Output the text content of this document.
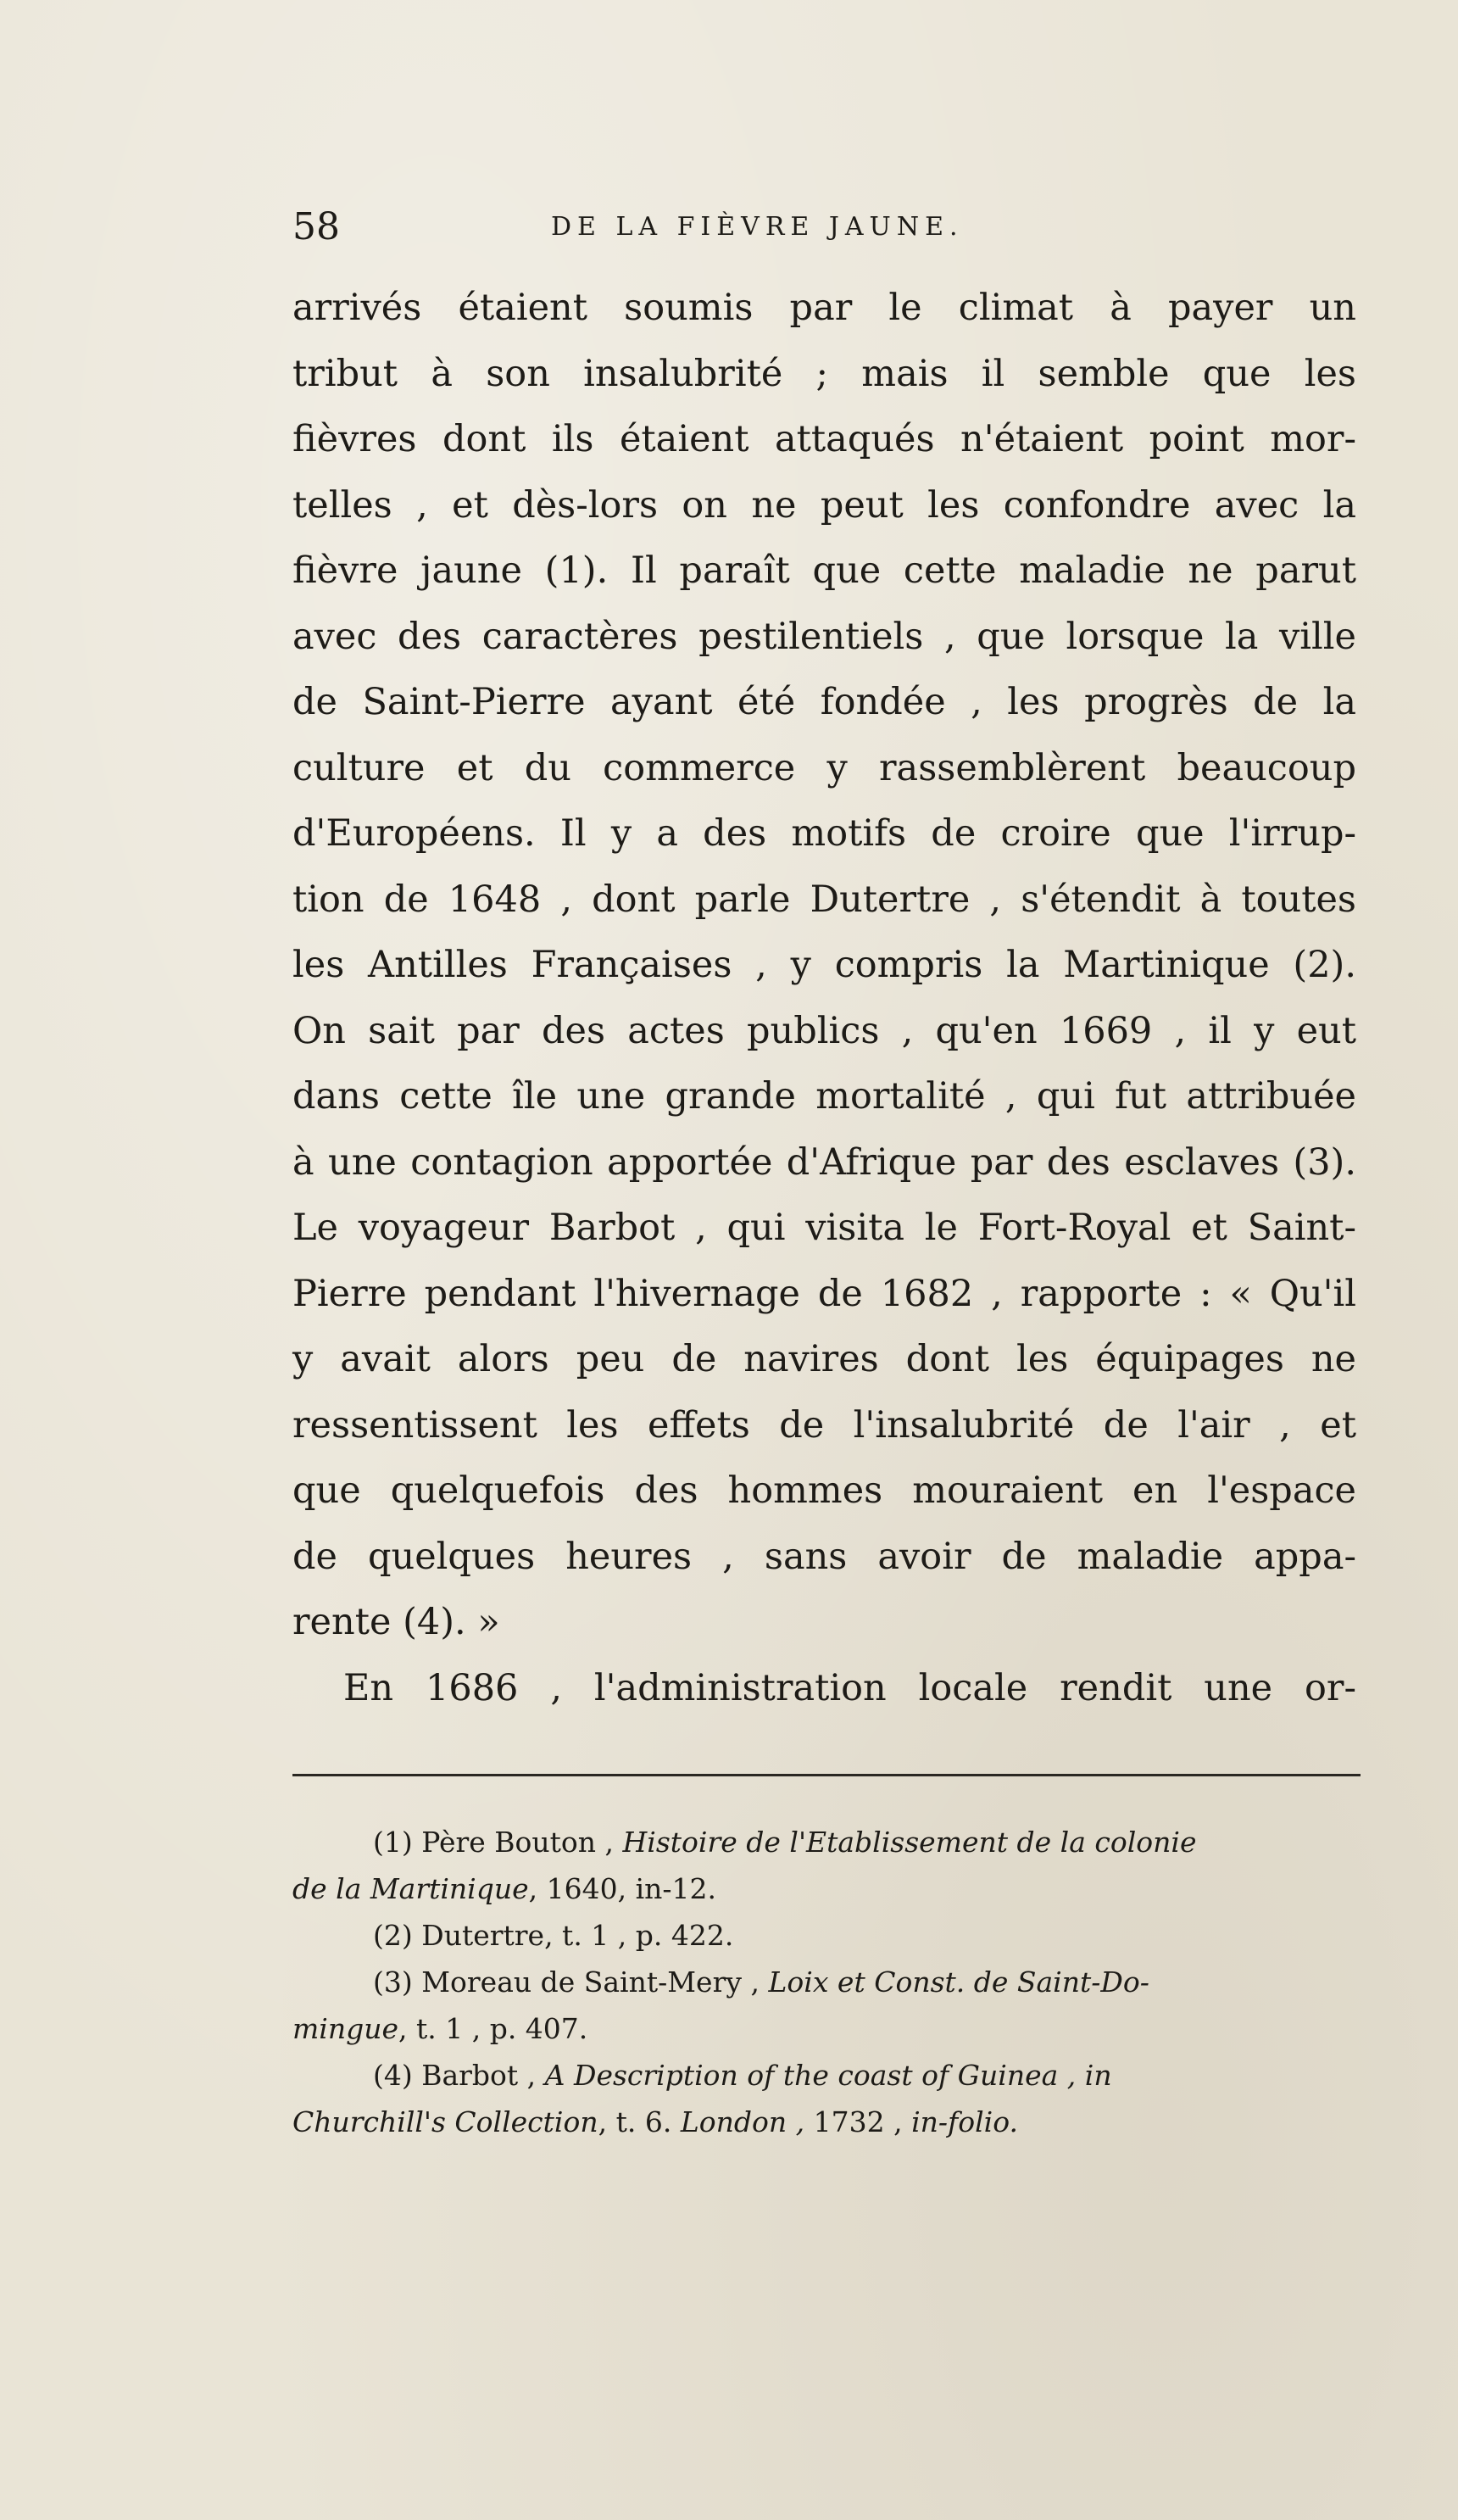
58	DE LA FIÈVRE JAUNE.
arrivés étaient soumis par le climat à payer un
tribut à son insalubrité ; mais il semble que les
fièvres dont ils étaient attaqués n'étaient point mor-
telles , et dès-lors on ne peut les confondre avec la
fièvre jaune (1). Il paraît que cette maladie ne parut
avec des caractères pestilentiels , que lorsque la ville
de Saint-Pierre ayant été fondée , les progrès de la
culture et du commerce y rassemblèrent beaucoup
d'Européens. Il y a des motifs de croire que l'irrup-
tion de 1648 , dont parle Dutertre , s'étendit à toutes
les Antilles Françaises , y compris la Martinique (2).
On sait par des actes publics , qu'en 1669 , il y eut
dans cette île une grande mortalité , qui fut attribuée
à une contagion apportée d'Afrique par des esclaves (3).
Le voyageur Barbot , qui visita le Fort-Royal et Saint-
Pierre pendant l'hivernage de 1682 , rapporte : « Qu'il
y avait alors peu de navires dont les équipages ne
ressentissent les effets de l'insalubrité de l'air , et
que quelquefois des hommes mouraient en l'espace
de quelques heures , sans avoir de maladie appa-
rente (4). »
En 1686 , l'administration locale rendit une or-
(1) Père Bouton , Histoire de l'Etablissement de la colonie
de la Martinique, 1640, in-12.
(2) Dutertre, t. 1 , p. 422.
(3) Moreau de Saint-Mery , Loix et Const. de Saint-Do-
mingue, t. 1 , p. 407.
(4) Barbot , A Description of the coast of Guinea , in
Churchill's Collection, t. 6. London , 1732 , in-folio.
